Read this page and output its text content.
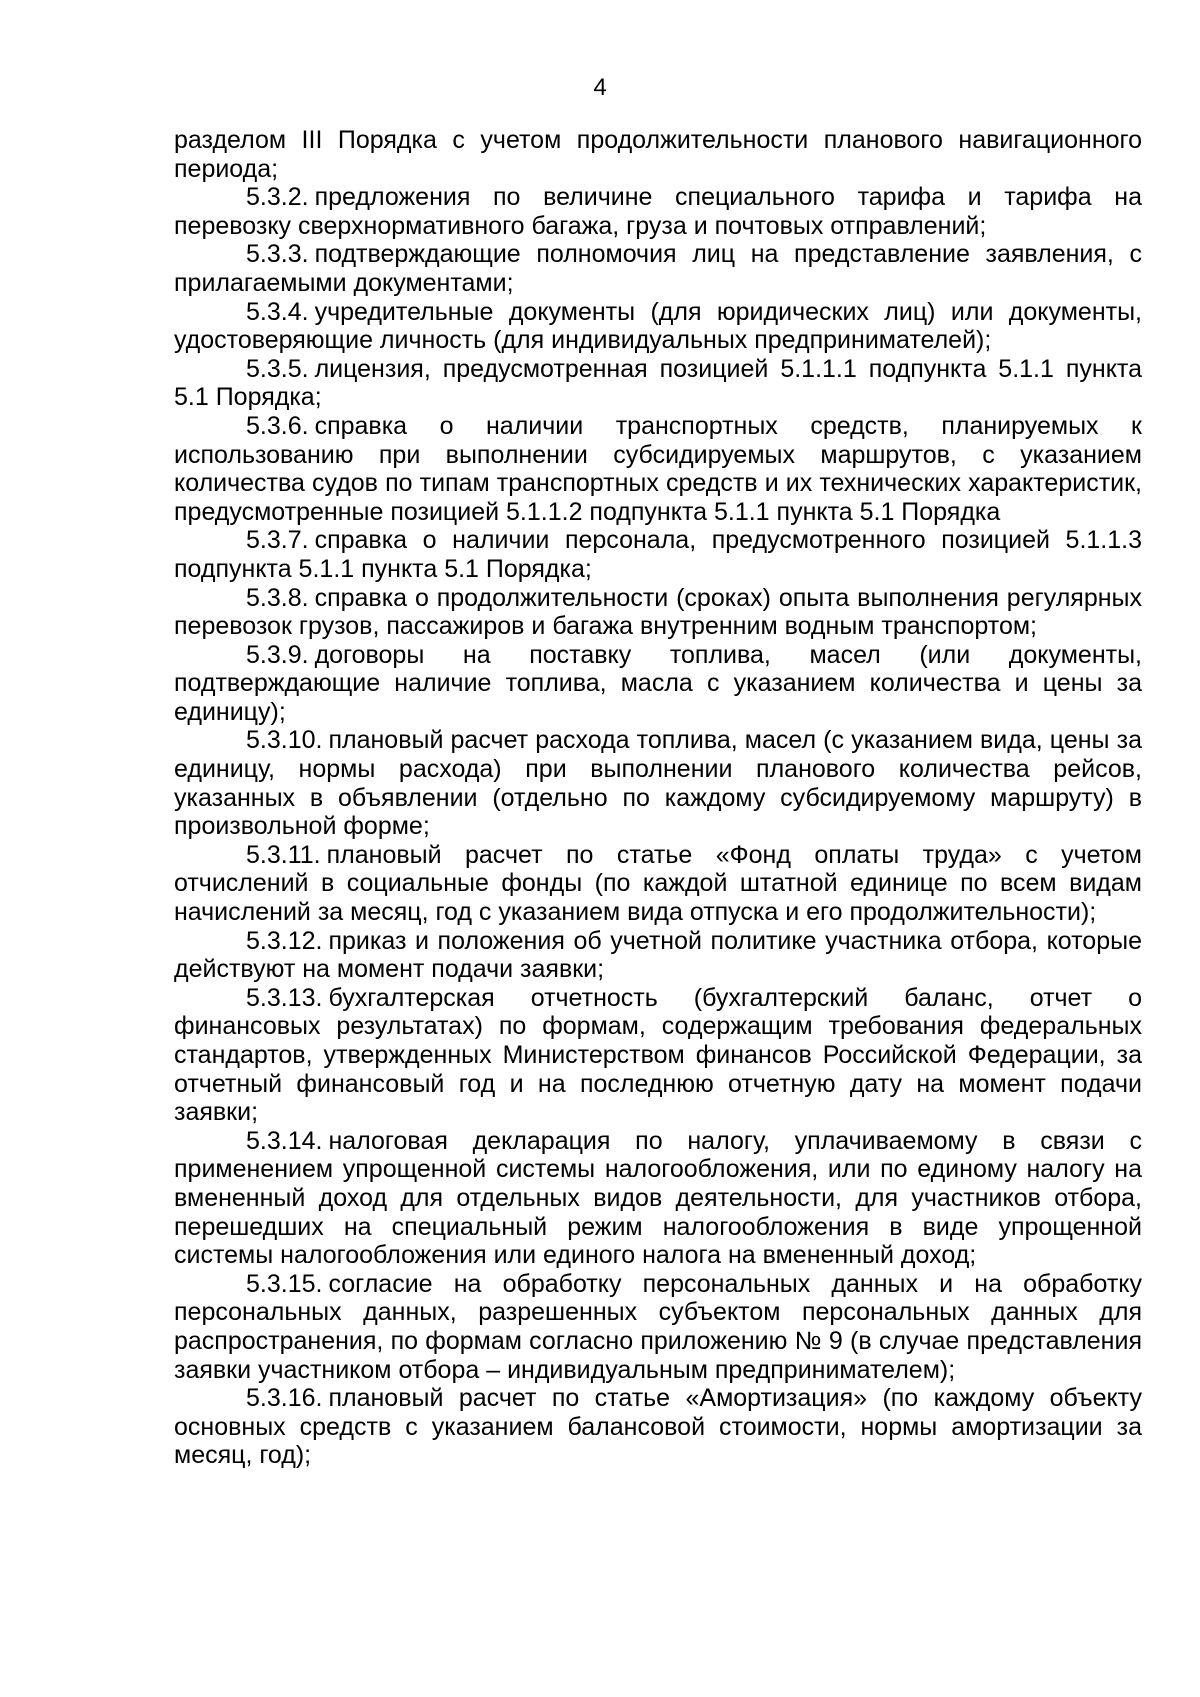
4

разделом III Порядка с учетом продолжительности планового навигационного периода;

5.3.2. предложения по величине специального тарифа и тарифа на перевозку сверхнормативного багажа, груза и почтовых отправлений;

5.3.3. подтверждающие полномочия лиц на представление заявления, с прилагаемыми документами;

5.3.4. учредительные документы (для юридических лиц) или документы, удостоверяющие личность (для индивидуальных предпринимателей);

5.3.5. лицензия, предусмотренная позицией 5.1.1.1 подпункта 5.1.1 пункта 5.1 Порядка;

5.3.6. справка о наличии транспортных средств, планируемых к использованию при выполнении субсидируемых маршрутов, с указанием количества судов по типам транспортных средств и их технических характеристик, предусмотренные позицией 5.1.1.2 подпункта 5.1.1 пункта 5.1 Порядка

5.3.7. справка о наличии персонала, предусмотренного позицией 5.1.1.3 подпункта 5.1.1 пункта 5.1 Порядка;

5.3.8. справка о продолжительности (сроках) опыта выполнения регулярных перевозок грузов, пассажиров и багажа внутренним водным транспортом;

5.3.9. договоры на поставку топлива, масел (или документы, подтверждающие наличие топлива, масла с указанием количества и цены за единицу);

5.3.10. плановый расчет расхода топлива, масел (с указанием вида, цены за единицу, нормы расхода) при выполнении планового количества рейсов, указанных в объявлении (отдельно по каждому субсидируемому маршруту) в произвольной форме;

5.3.11. плановый расчет по статье «Фонд оплаты труда» с учетом отчислений в социальные фонды (по каждой штатной единице по всем видам начислений за месяц, год с указанием вида отпуска и его продолжительности);

5.3.12. приказ и положения об учетной политике участника отбора, которые действуют на момент подачи заявки;

5.3.13. бухгалтерская отчетность (бухгалтерский баланс, отчет о финансовых результатах) по формам, содержащим требования федеральных стандартов, утвержденных Министерством финансов Российской Федерации, за отчетный финансовый год и на последнюю отчетную дату на момент подачи заявки;

5.3.14. налоговая декларация по налогу, уплачиваемому в связи с применением упрощенной системы налогообложения, или по единому налогу на вмененный доход для отдельных видов деятельности, для участников отбора, перешедших на специальный режим налогообложения в виде упрощенной системы налогообложения или единого налога на вмененный доход;

5.3.15. согласие на обработку персональных данных и на обработку персональных данных, разрешенных субъектом персональных данных для распространения, по формам согласно приложению № 9 (в случае представления заявки участником отбора – индивидуальным предпринимателем);

5.3.16. плановый расчет по статье «Амортизация» (по каждому объекту основных средств с указанием балансовой стоимости, нормы амортизации за месяц, год);
